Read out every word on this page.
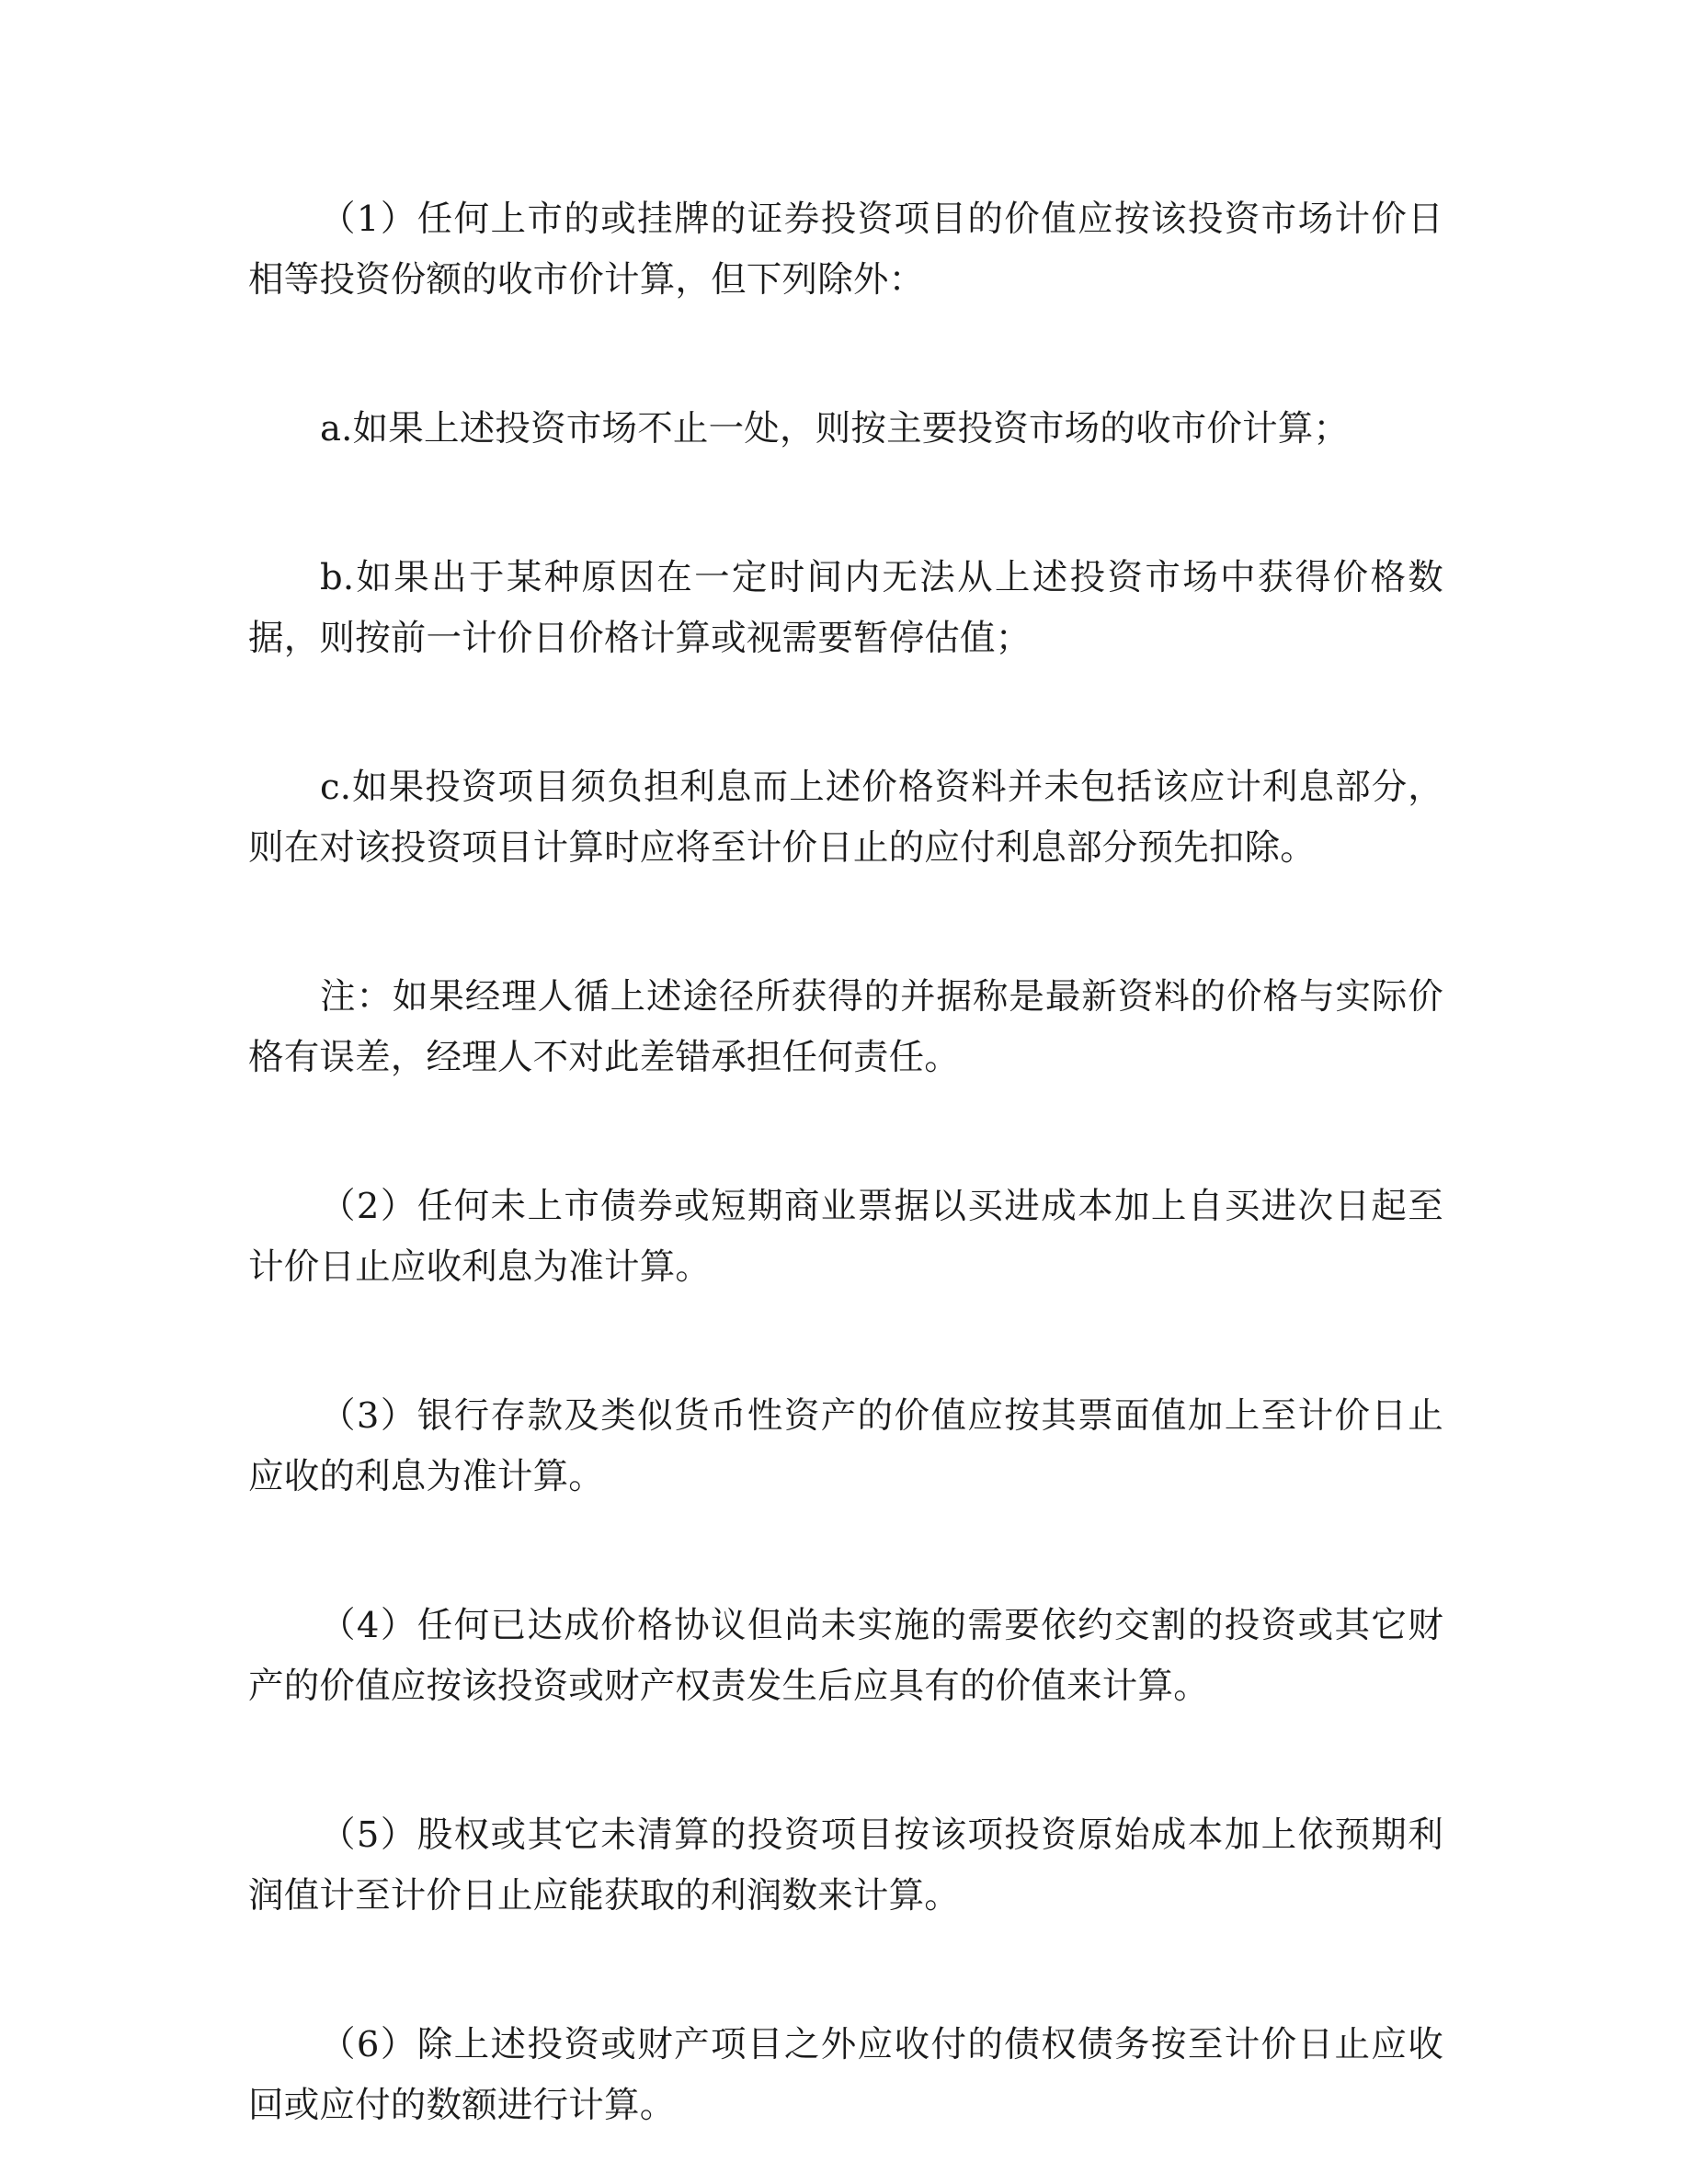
（1）任何上市的或挂牌的证券投资项目的价值应按该投资市场计价日相等投资份额的收市价计算，但下列除外：

a.如果上述投资市场不止一处，则按主要投资市场的收市价计算；

b.如果出于某种原因在一定时间内无法从上述投资市场中获得价格数据，则按前一计价日价格计算或视需要暂停估值；

c.如果投资项目须负担利息而上述价格资料并未包括该应计利息部分，则在对该投资项目计算时应将至计价日止的应付利息部分预先扣除。

注：如果经理人循上述途径所获得的并据称是最新资料的价格与实际价格有误差，经理人不对此差错承担任何责任。

（2）任何未上市债券或短期商业票据以买进成本加上自买进次日起至计价日止应收利息为准计算。

（3）银行存款及类似货币性资产的价值应按其票面值加上至计价日止应收的利息为准计算。

（4）任何已达成价格协议但尚未实施的需要依约交割的投资或其它财产的价值应按该投资或财产权责发生后应具有的价值来计算。

（5）股权或其它未清算的投资项目按该项投资原始成本加上依预期利润值计至计价日止应能获取的利润数来计算。

（6）除上述投资或财产项目之外应收付的债权债务按至计价日止应收回或应付的数额进行计算。
